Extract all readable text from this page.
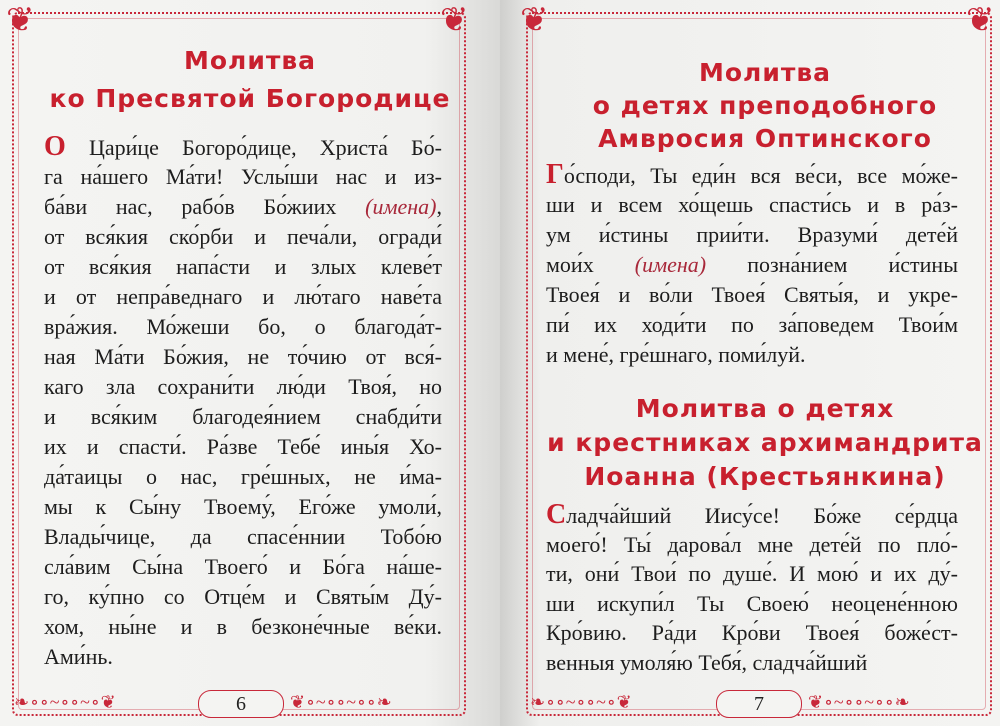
❦	❦
Молитва
ко Пресвятой Богородице
О Цари́це Богоро́дице, Христа́ Бо́-
га на́шего Ма́ти! Услы́ши нас и из-
ба́ви нас, рабо́в Бо́жиих (имена),
от вся́кия ско́рби и печа́ли, огради́
от вся́кия напа́сти и злых клеве́т
и от непра́веднаго и лю́таго наве́та
вра́жия. Мо́жеши бо, о благода́т-
ная Ма́ти Бо́жия, не то́чию от вся́-
каго зла сохрани́ти лю́ди Твоя́, но
и вся́ким благодея́нием снабди́ти
их и спасти́. Ра́зве Тебе́ ины́я Хо-
да́таицы о нас, гре́шных, не и́ма-
мы к Сы́ну Твоему́, Его́же умоли́,
Влады́чице, да спасе́ннии Тобо́ю
сла́вим Сы́на Твоего́ и Бо́га на́ше-
го, ку́пно со Отце́м и Святы́м Ду́-
хом, ны́не и в безконе́чные ве́ки.
Ами́нь.
❧∘∘~∘∘~∘❦	6	❦∘~∘∘~∘∘❧
❦	❦
Молитва
о детях преподобного
Амвросия Оптинского
Го́споди, Ты еди́н вся ве́си, все мо́же-
ши и всем хо́щешь спасти́сь и в ра́з-
ум и́стины прии́ти. Вразуми́ дете́й
мои́х (имена) позна́нием и́стины
Твоея́ и во́ли Твоея́ Святы́я, и укре-
пи́ их ходи́ти по за́поведем Твои́м
и мене́, гре́шнаго, поми́луй.
Молитва о детях
и крестниках архимандрита
Иоанна (Крестьянкина)
Сладча́йший Иису́се! Бо́же се́рдца
моего́! Ты́ дарова́л мне дете́й по пло́-
ти, они́ Твои́ по душе́. И мою́ и их ду́-
ши искупи́л Ты Своею́ неоцене́нною
Кро́вию. Ра́ди Кро́ви Твоея́ боже́ст-
венныя умоля́ю Тебя́, сладча́йший
❧∘∘~∘∘~∘❦	7	❦∘~∘∘~∘∘❧
